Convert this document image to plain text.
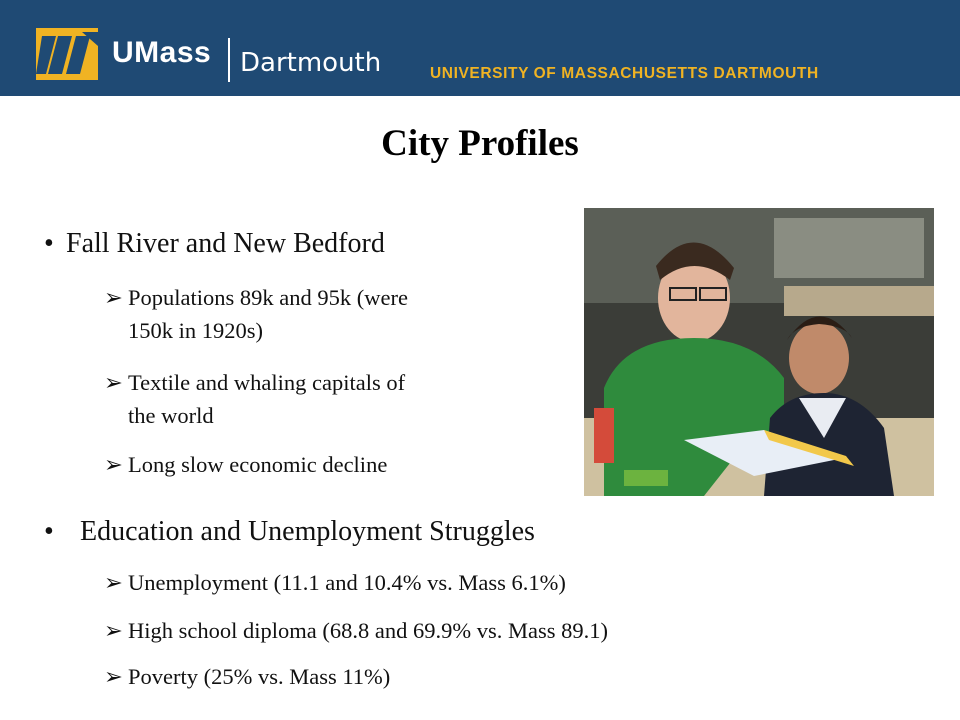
UMass Dartmouth	UNIVERSITY OF MASSACHUSETTS DARTMOUTH
City Profiles
• Fall River and New Bedford
➢ Populations 89k and 95k (were
150k in 1920s)
➢ Textile and whaling capitals of
the world
➢ Long slow economic decline
• Education and Unemployment Struggles
➢ Unemployment (11.1 and 10.4% vs. Mass 6.1%)
➢ High school diploma (68.8 and 69.9% vs. Mass 89.1)
➢ Poverty (25% vs. Mass 11%)
